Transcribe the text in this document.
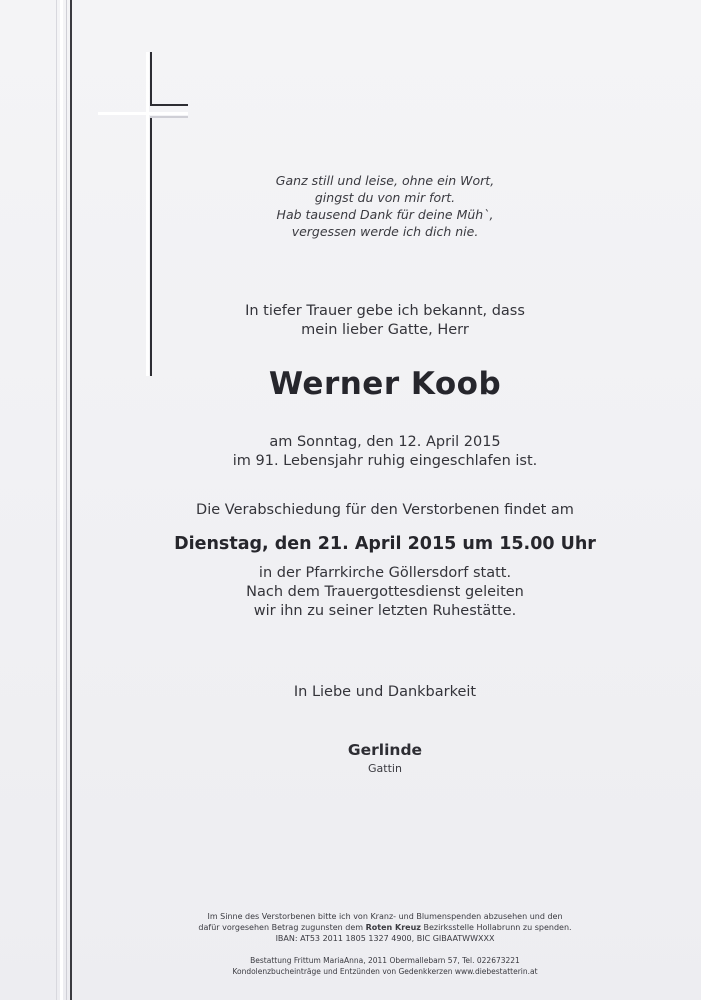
Ganz still und leise, ohne ein Wort,
gingst du von mir fort.
Hab tausend Dank für deine Müh`,
vergessen werde ich dich nie.
In tiefer Trauer gebe ich bekannt, dass
mein lieber Gatte, Herr
Werner Koob
am Sonntag, den 12. April 2015
im 91. Lebensjahr ruhig eingeschlafen ist.
Die Verabschiedung für den Verstorbenen findet am
Dienstag, den 21. April 2015 um 15.00 Uhr
in der Pfarrkirche Göllersdorf statt.
Nach dem Trauergottesdienst geleiten
wir ihn zu seiner letzten Ruhestätte.
In Liebe und Dankbarkeit
Gerlinde
Gattin
Im Sinne des Verstorbenen bitte ich von Kranz- und Blumenspenden abzusehen und den
dafür vorgesehen Betrag zugunsten dem Roten Kreuz Bezirksstelle Hollabrunn zu spenden.
IBAN: AT53 2011 1805 1327 4900, BIC GIBAATWWXXX
Bestattung Frittum MariaAnna, 2011 Obermallebarn 57, Tel. 022673221
Kondolenzbucheinträge und Entzünden von Gedenkkerzen www.diebestatterin.at
